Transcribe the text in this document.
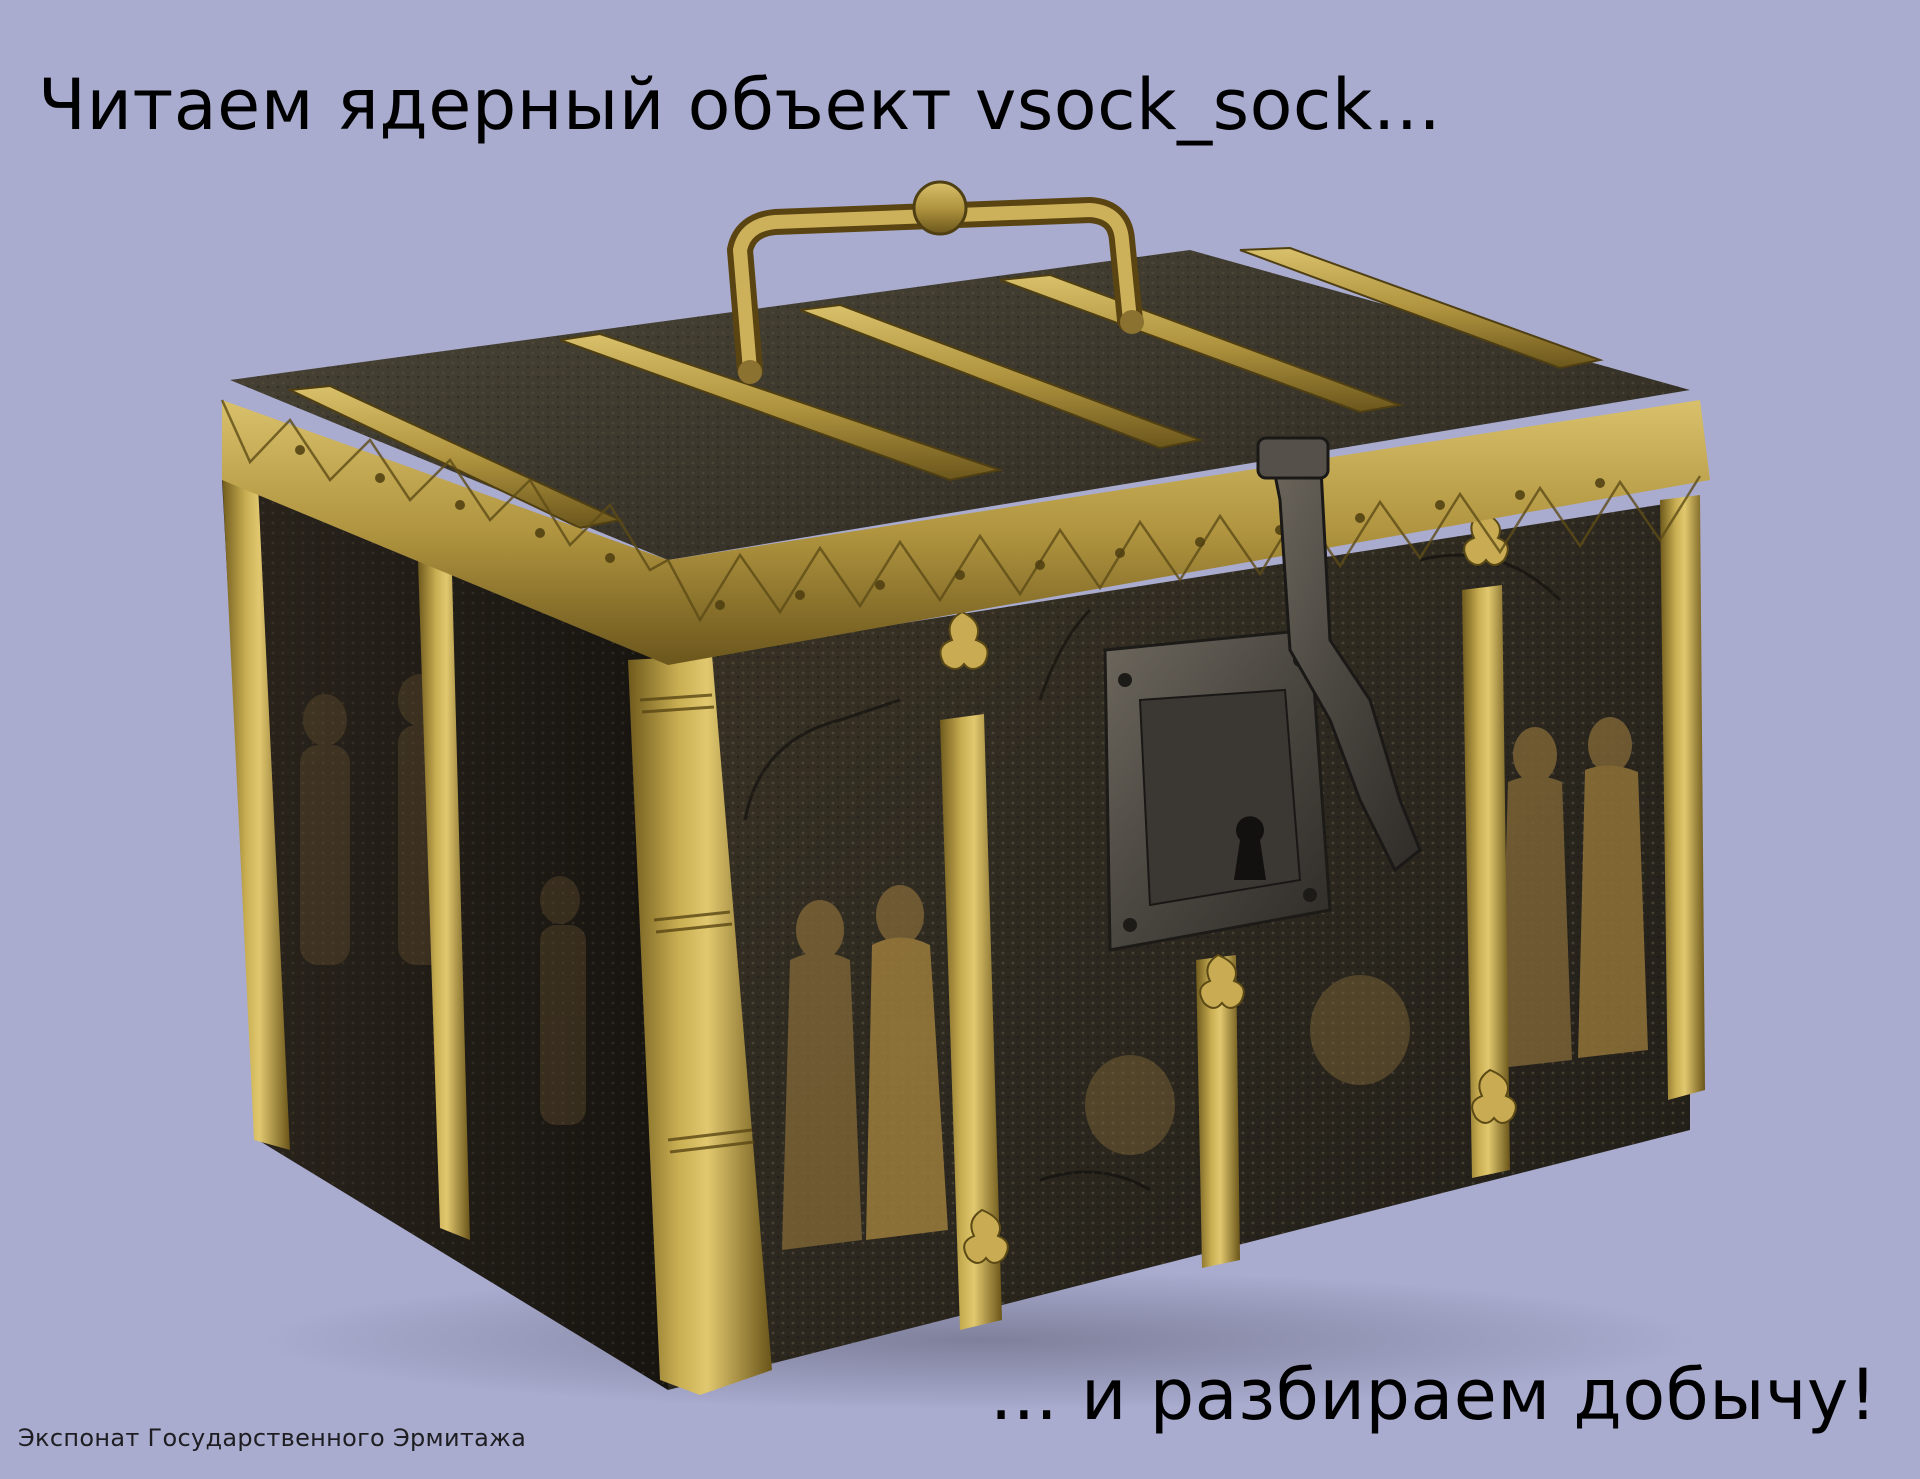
Читаем ядерный объект vsock_sock...
... и разбираем добычу!

Экспонат Государственного Эрмитажа
